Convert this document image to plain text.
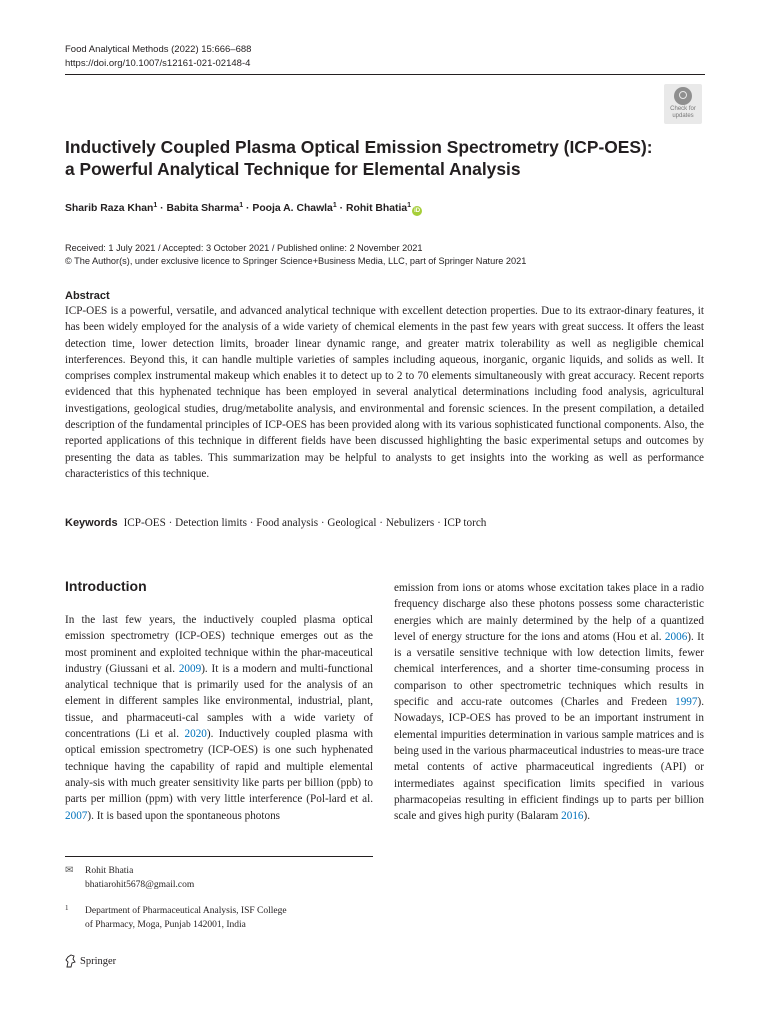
Food Analytical Methods (2022) 15:666–688
https://doi.org/10.1007/s12161-021-02148-4
Check for
updates
Inductively Coupled Plasma Optical Emission Spectrometry (ICP-OES):
a Powerful Analytical Technique for Elemental Analysis
Sharib Raza Khan$^1$ · Babita Sharma$^1$ · Pooja A. Chawla$^1$ · Rohit Bhatia$^1$iD
Received: 1 July 2021 / Accepted: 3 October 2021 / Published online: 2 November 2021
© The Author(s), under exclusive licence to Springer Science+Business Media, LLC, part of Springer Nature 2021
Abstract
ICP-OES is a powerful, versatile, and advanced analytical technique with excellent detection properties. Due to its extraor-dinary features, it has been widely employed for the analysis of a wide variety of chemical elements in the past few years with great success. It offers the least detection time, lower detection limits, broader linear dynamic range, and greater matrix tolerability as well as negligible chemical interferences. Beyond this, it can handle multiple varieties of samples including aqueous, inorganic, organic liquids, and solids as well. It comprises complex instrumental makeup which enables it to detect up to 2 to 70 elements simultaneously with great accuracy. Recent reports evidenced that this hyphenated technique has been employed in several analytical determinations including food analysis, agricultural investigations, geological studies, drug/metabolite analysis, and environmental and forensic sciences. In the present compilation, a detailed description of the fundamental principles of ICP-OES has been provided along with its various sophisticated functional components. Also, the reported applications of this technique in different fields have been discussed highlighting the basic experimental setups and outcomes by presenting the data as tables. This summarization may be helpful to analysts to get insights into the working as well as performance characteristics of this technique.
Keywords ICP-OES · Detection limits · Food analysis · Geological · Nebulizers · ICP torch
Introduction
In the last few years, the inductively coupled plasma optical emission spectrometry (ICP-OES) technique emerges out as the most prominent and exploited technique within the phar-maceutical industry (Giussani et al. 2009). It is a modern and multi-functional analytical technique that is primarily used for the analysis of an element in different samples like environmental, industrial, plant, tissue, and pharmaceuti-cal samples with a wide variety of concentrations (Li et al. 2020). Inductively coupled plasma with optical emission spectrometry (ICP-OES) is one such hyphenated technique having the capability of rapid and multiple elemental analy-sis with much greater sensitivity like parts per billion (ppb) to parts per million (ppm) with very little interference (Pol-lard et al. 2007). It is based upon the spontaneous photons
emission from ions or atoms whose excitation takes place in a radio frequency discharge also these photons possess some characteristic energies which are mainly determined by the help of a quantized level of energy structure for the ions and atoms (Hou et al. 2006). It is a versatile sensitive technique with low detection limits, fewer chemical interferences, and a shorter time-consuming process in comparison to other spectrometric techniques which results in specific and accu-rate outcomes (Charles and Fredeen 1997). Nowadays, ICP-OES has proved to be an important instrument in elemental impurities determination in various sample matrices and is being used in the various pharmaceutical industries to meas-ure trace metal contents of active pharmaceutical ingredients (API) or intermediates against specification limits specified in various pharmacopeias resulting in efficient findings up to parts per billion scale and gives high purity (Balaram 2016).
✉ Rohit Bhatia
bhatiarohit5678@gmail.com
1 Department of Pharmaceutical Analysis, ISF College
of Pharmacy, Moga, Punjab 142001, India
Springer
